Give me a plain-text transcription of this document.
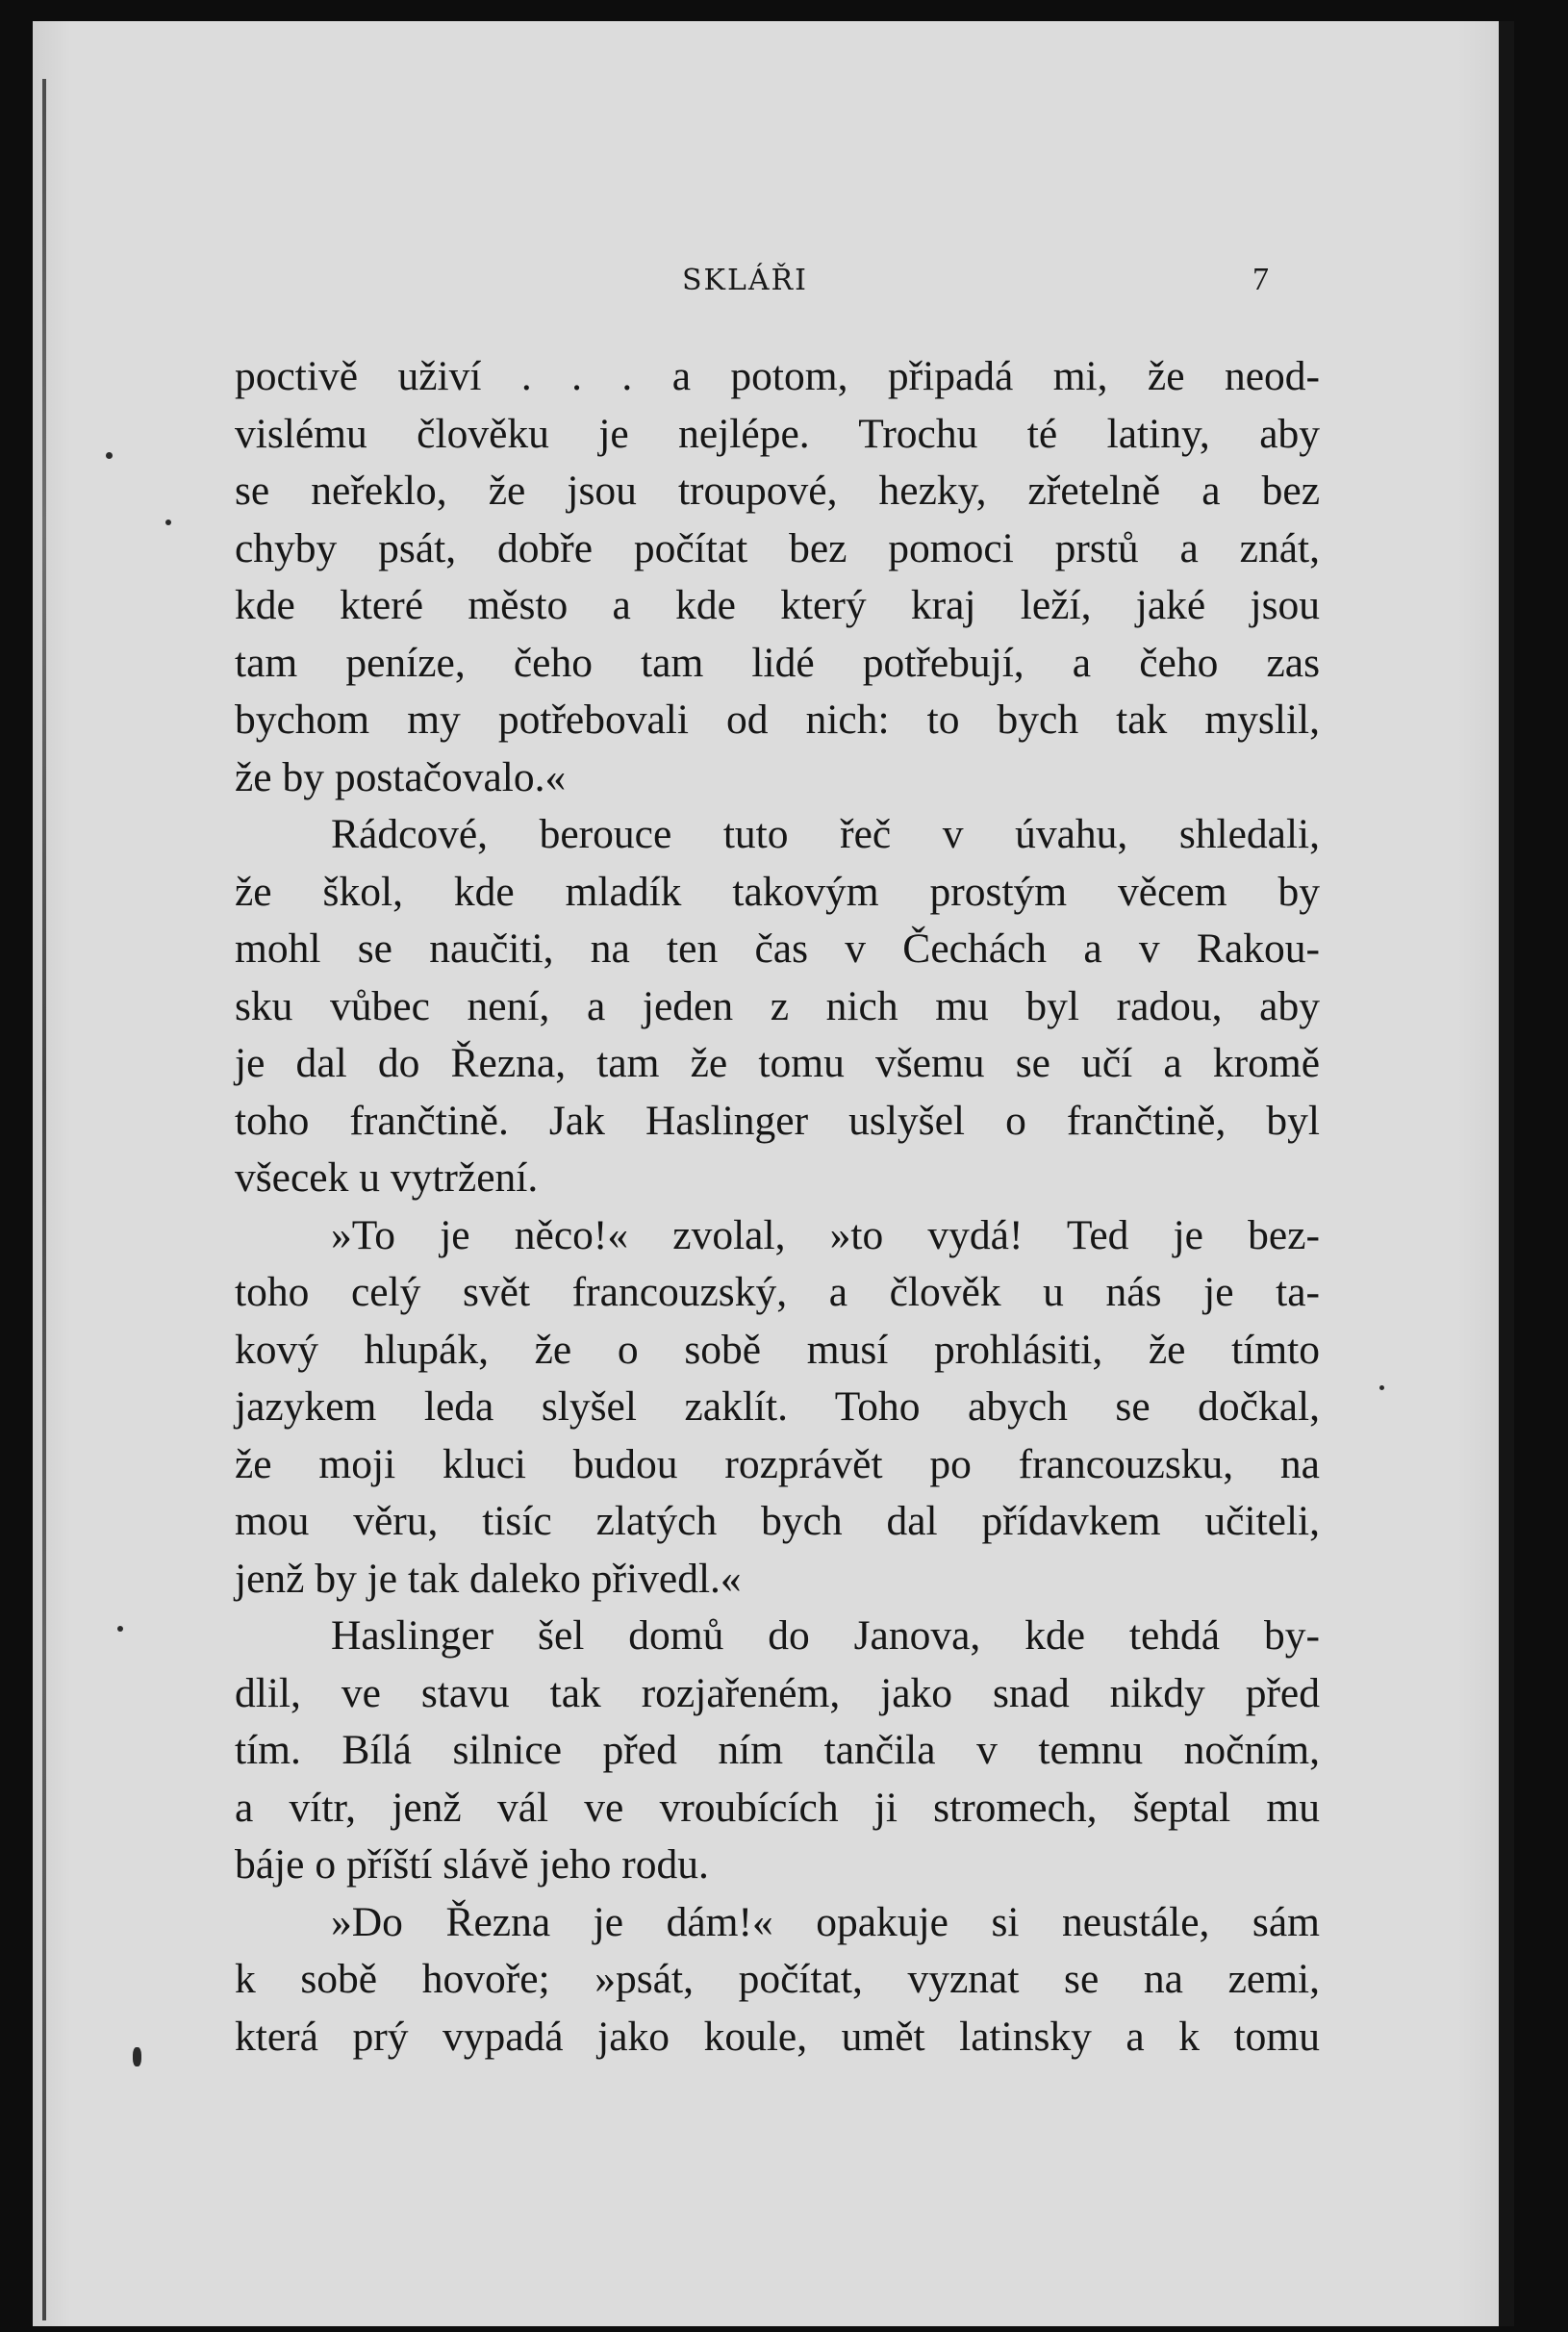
SKLÁŘI	7
poctivě uživí . . . a potom, připadá mi, že neod-
vislému člověku je nejlépe. Trochu té latiny, aby
se neřeklo, že jsou troupové, hezky, zřetelně a bez
chyby psát, dobře počítat bez pomoci prstů a znát,
kde které město a kde který kraj leží, jaké jsou
tam peníze, čeho tam lidé potřebují, a čeho zas
bychom my potřebovali od nich: to bych tak myslil,
že by postačovalo.«
Rádcové, berouce tuto řeč v úvahu, shledali,
že škol, kde mladík takovým prostým věcem by
mohl se naučiti, na ten čas v Čechách a v Rakou-
sku vůbec není, a jeden z nich mu byl radou, aby
je dal do Řezna, tam že tomu všemu se učí a kromě
toho frančtině. Jak Haslinger uslyšel o frančtině, byl
všecek u vytržení.
»To je něco!« zvolal, »to vydá! Ted je bez-
toho celý svět francouzský, a člověk u nás je ta-
kový hlupák, že o sobě musí prohlásiti, že tímto
jazykem leda slyšel zaklít. Toho abych se dočkal,
že moji kluci budou rozprávět po francouzsku, na
mou věru, tisíc zlatých bych dal přídavkem učiteli,
jenž by je tak daleko přivedl.«
Haslinger šel domů do Janova, kde tehdá by-
dlil, ve stavu tak rozjařeném, jako snad nikdy před
tím. Bílá silnice před ním tančila v temnu nočním,
a vítr, jenž vál ve vroubících ji stromech, šeptal mu
báje o příští slávě jeho rodu.
»Do Řezna je dám!« opakuje si neustále, sám
k sobě hovoře; »psát, počítat, vyznat se na zemi,
která prý vypadá jako koule, umět latinsky a k tomu
